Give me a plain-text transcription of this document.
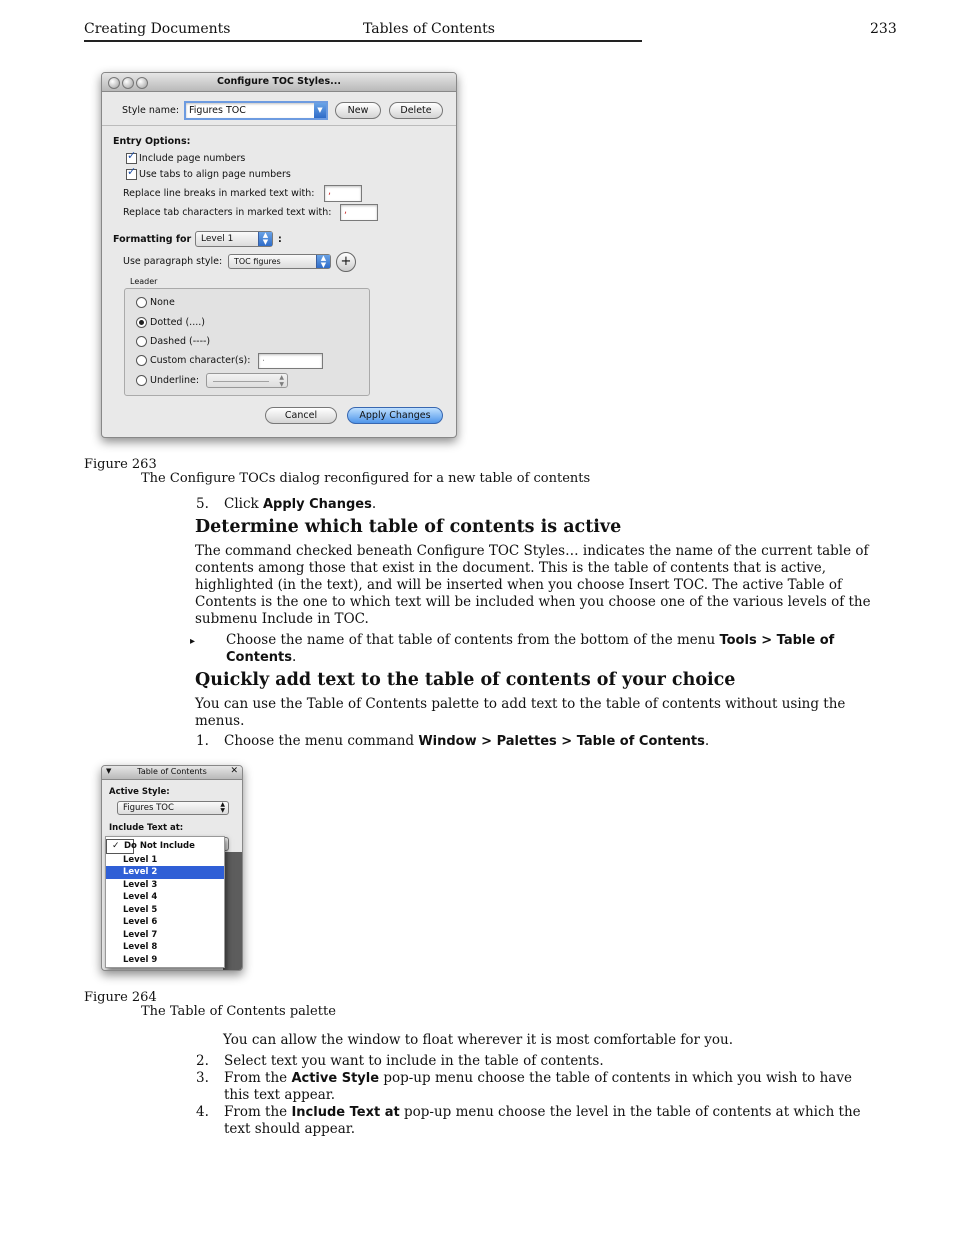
Creating Documents	Tables of Contents	233
Configure TOC Styles...
Style name: Figures TOC	▼	New	Delete
Entry Options:
✓
Include page numbers
✓
Use tabs to align page numbers
Replace line breaks in marked text with: ,
Replace tab characters in marked text with: ,
Formatting for	Level 1	▲
▼	:
Use paragraph style:	TOC figures	▲
▼	+
Leader
None
Dotted (....)
Dashed (----)
Custom character(s): .
Underline:	▲
▼
Cancel	Apply Changes
Figure 263
The Configure TOCs dialog reconfigured for a new table of contents
5. Click Apply Changes.
Determine which table of contents is active
The command checked beneath Configure TOC Styles… indicates the name of the current table of contents among those that exist in the document. This is the table of contents that is active, highlighted (in the text), and will be inserted when you choose Insert TOC. The active Table of Contents is the one to which text will be included when you choose one of the various levels of the submenu Include in TOC.
▸ Choose the name of that table of contents from the bottom of the menu Tools > Table of Contents.
Quickly add text to the table of contents of your choice
You can use the Table of Contents palette to add text to the table of contents without using the menus.
1. Choose the menu command Window > Palettes > Table of Contents.
▼	Table of Contents	✕
Active Style:
Figures TOC	▲
▼
Include Text at:
✓ Do Not Include
Level 1
Level 2
Level 3
Level 4
Level 5
Level 6
Level 7
Level 8
Level 9
Figure 264
The Table of Contents palette
You can allow the window to float wherever it is most comfortable for you.
2. Select text you want to include in the table of contents.
3. From the Active Style pop-up menu choose the table of contents in which you wish to have this text appear.
4. From the Include Text at pop-up menu choose the level in the table of contents at which the text should appear.
